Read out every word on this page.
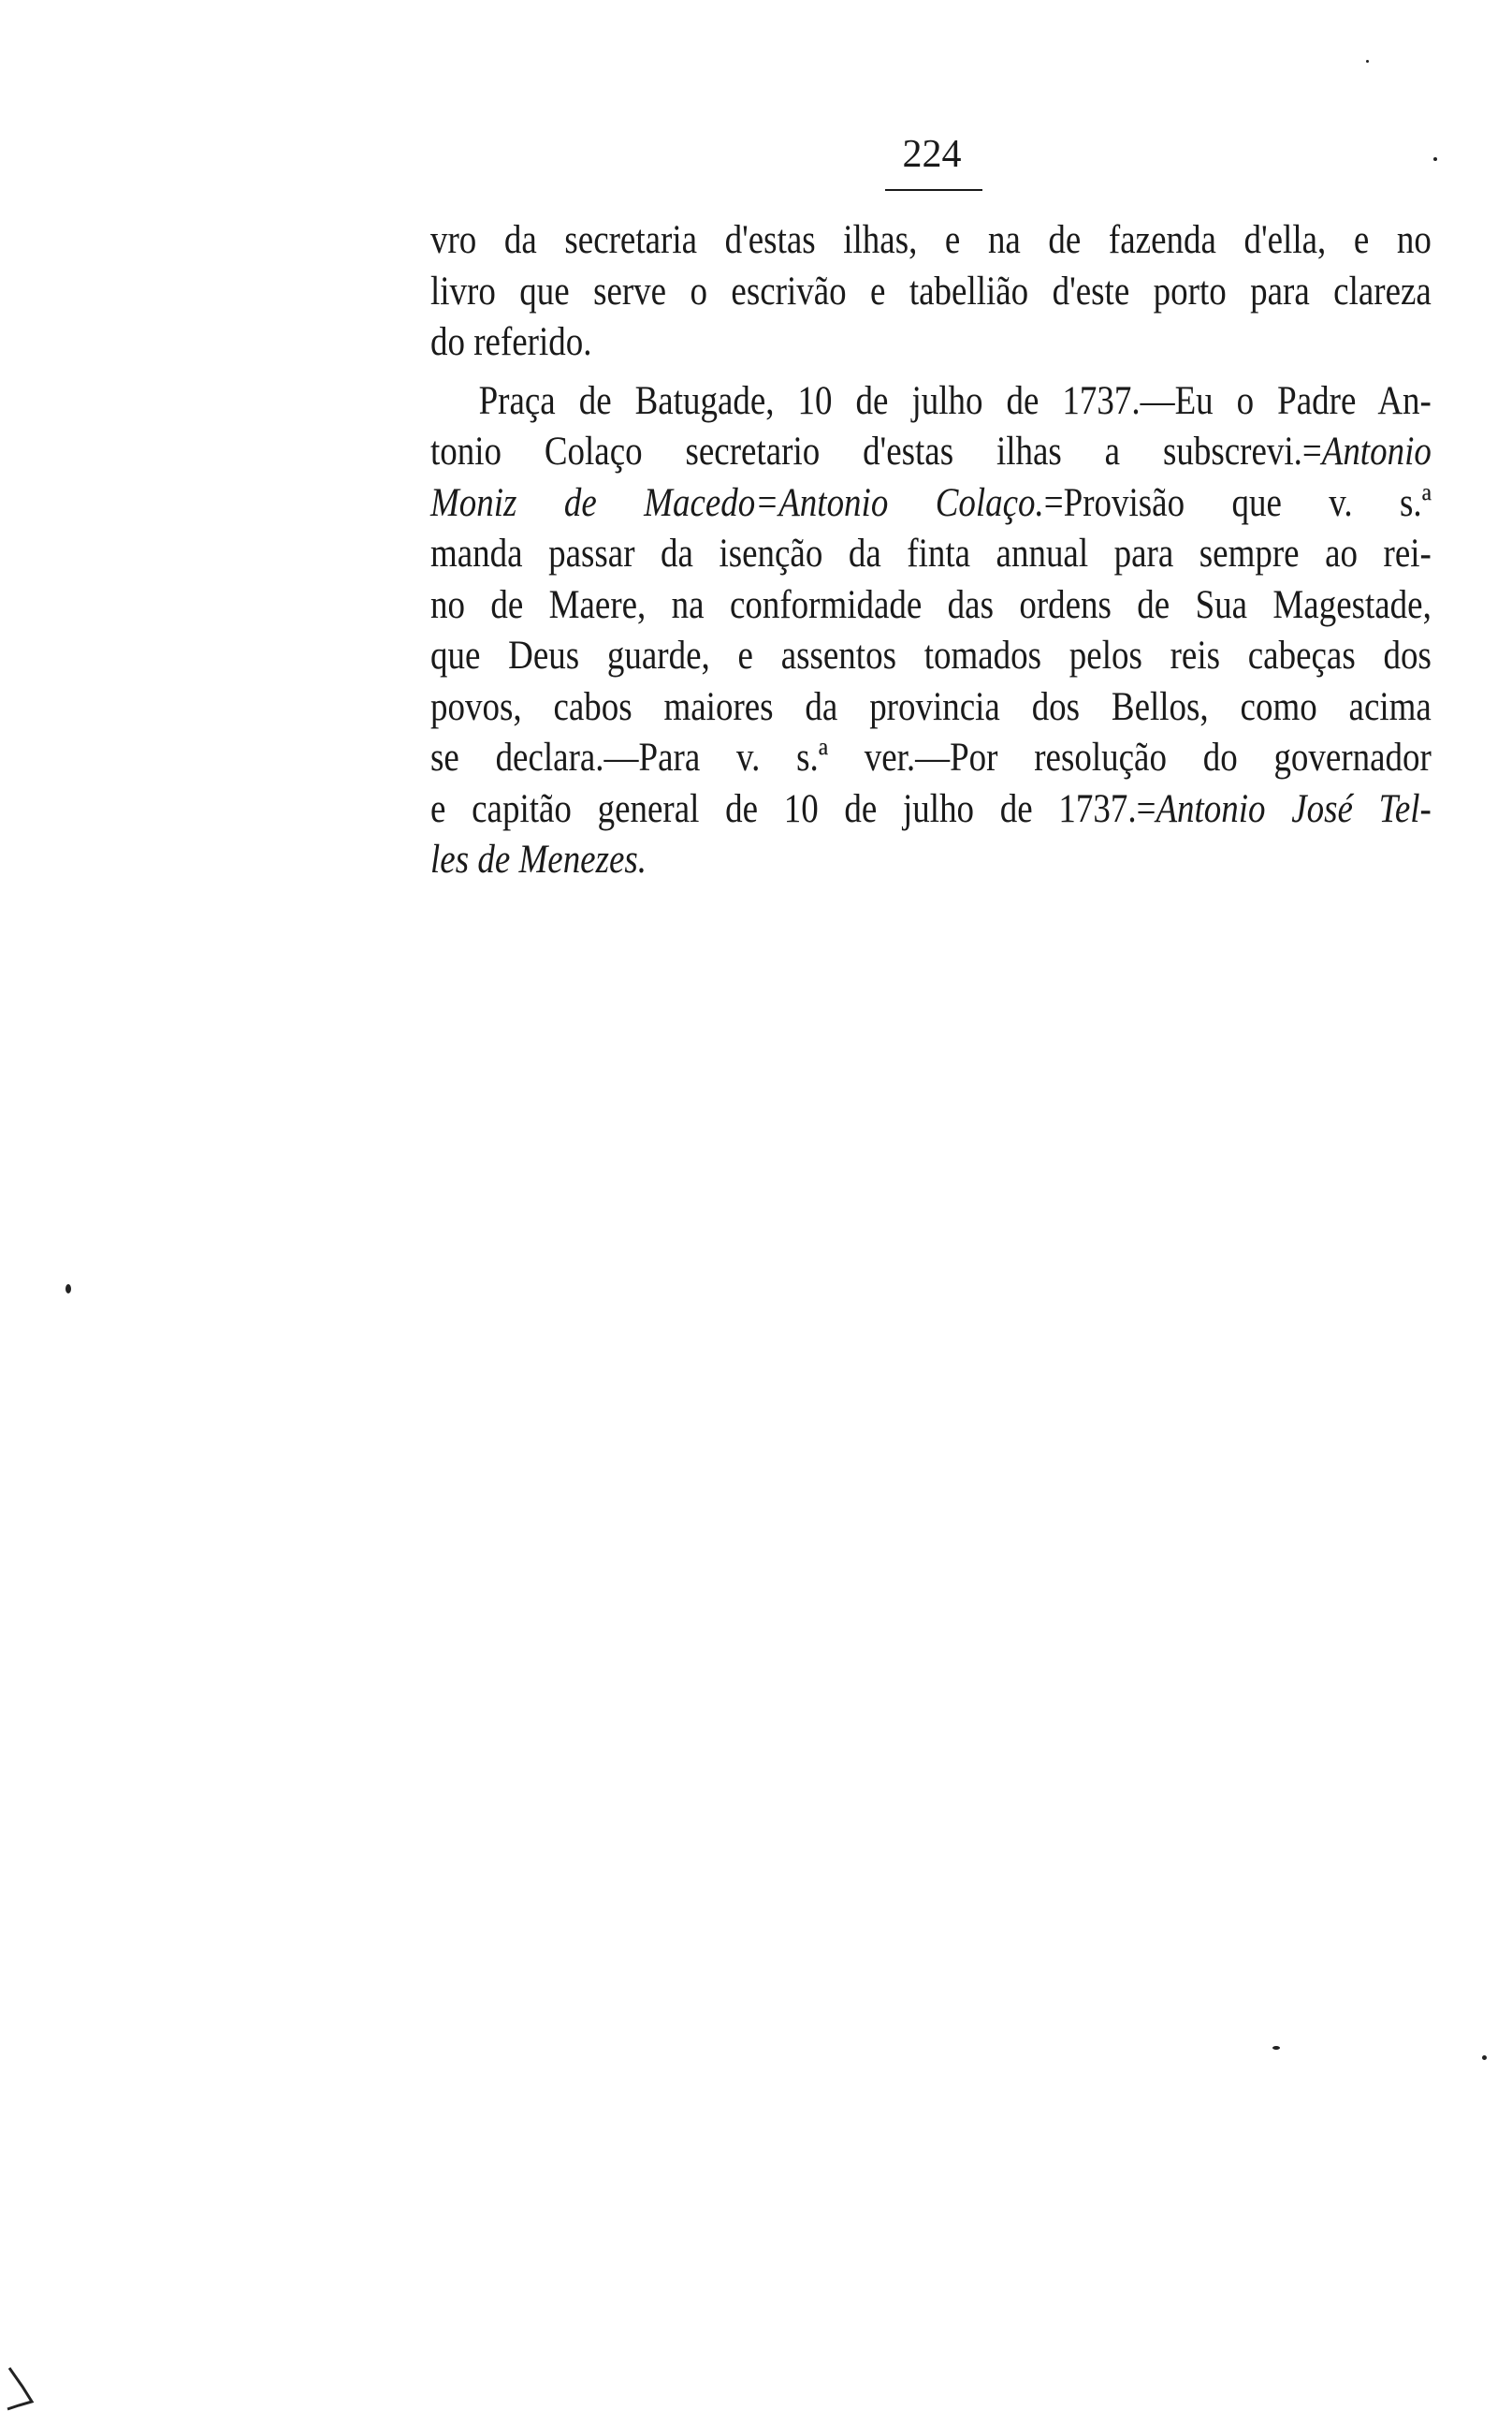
224
vro da secretaria d'estas ilhas, e na de fazenda d'ella, e no
livro que serve o escrivão e tabellião d'este porto para clareza
do referido.
Praça de Batugade, 10 de julho de 1737.—Eu o Padre An-
tonio Colaço secretario d'estas ilhas a subscrevi.=Antonio
Moniz de Macedo=Antonio Colaço.=Provisão que v. s.ª
manda passar da isenção da finta annual para sempre ao rei-
no de Maere, na conformidade das ordens de Sua Magestade,
que Deus guarde, e assentos tomados pelos reis cabeças dos
povos, cabos maiores da provincia dos Bellos, como acima
se declara.—Para v. s.ª ver.—Por resolução do governador
e capitão general de 10 de julho de 1737.=Antonio José Tel-
les de Menezes.
